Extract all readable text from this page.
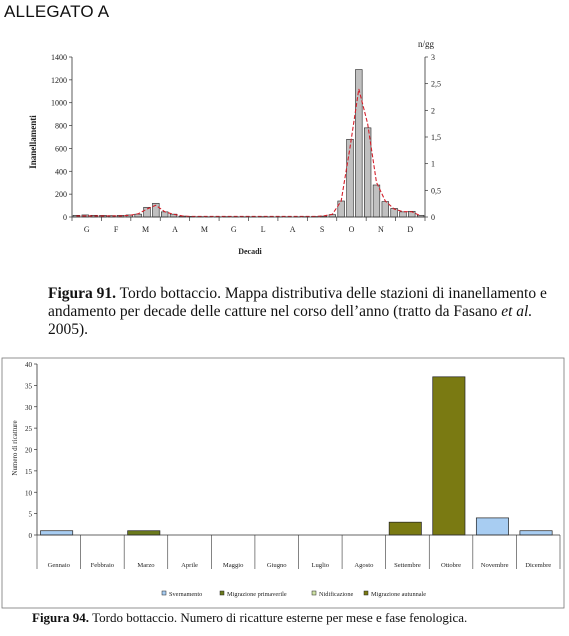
ALLEGATO A
0
200
400
600
800
1000
1200
1400
0
0,5
1
1,5
2
2,5
3
G	F	M	A	M	G	L	A	S	O	N	D
Inanellamenti
n/gg
Decadi
Figura 91. Tordo bottaccio. Mappa distributiva delle stazioni di inanellamento e andamento per decade delle catture nel corso dell’anno (tratto da Fasano et al. 2005).
0
5
10
15
20
25
30
35
40
Gennaio	Febbraio	Marzo	Aprile	Maggio	Giugno	Luglio	Agosto	Settembre	Ottobre	Novembre	Dicembre
Svernamento	Migrazione primaverile	Nidificazione	Migrazione autunnale
Numero di ricatture
Figura 94. Tordo bottaccio. Numero di ricatture esterne per mese e fase fenologica.
